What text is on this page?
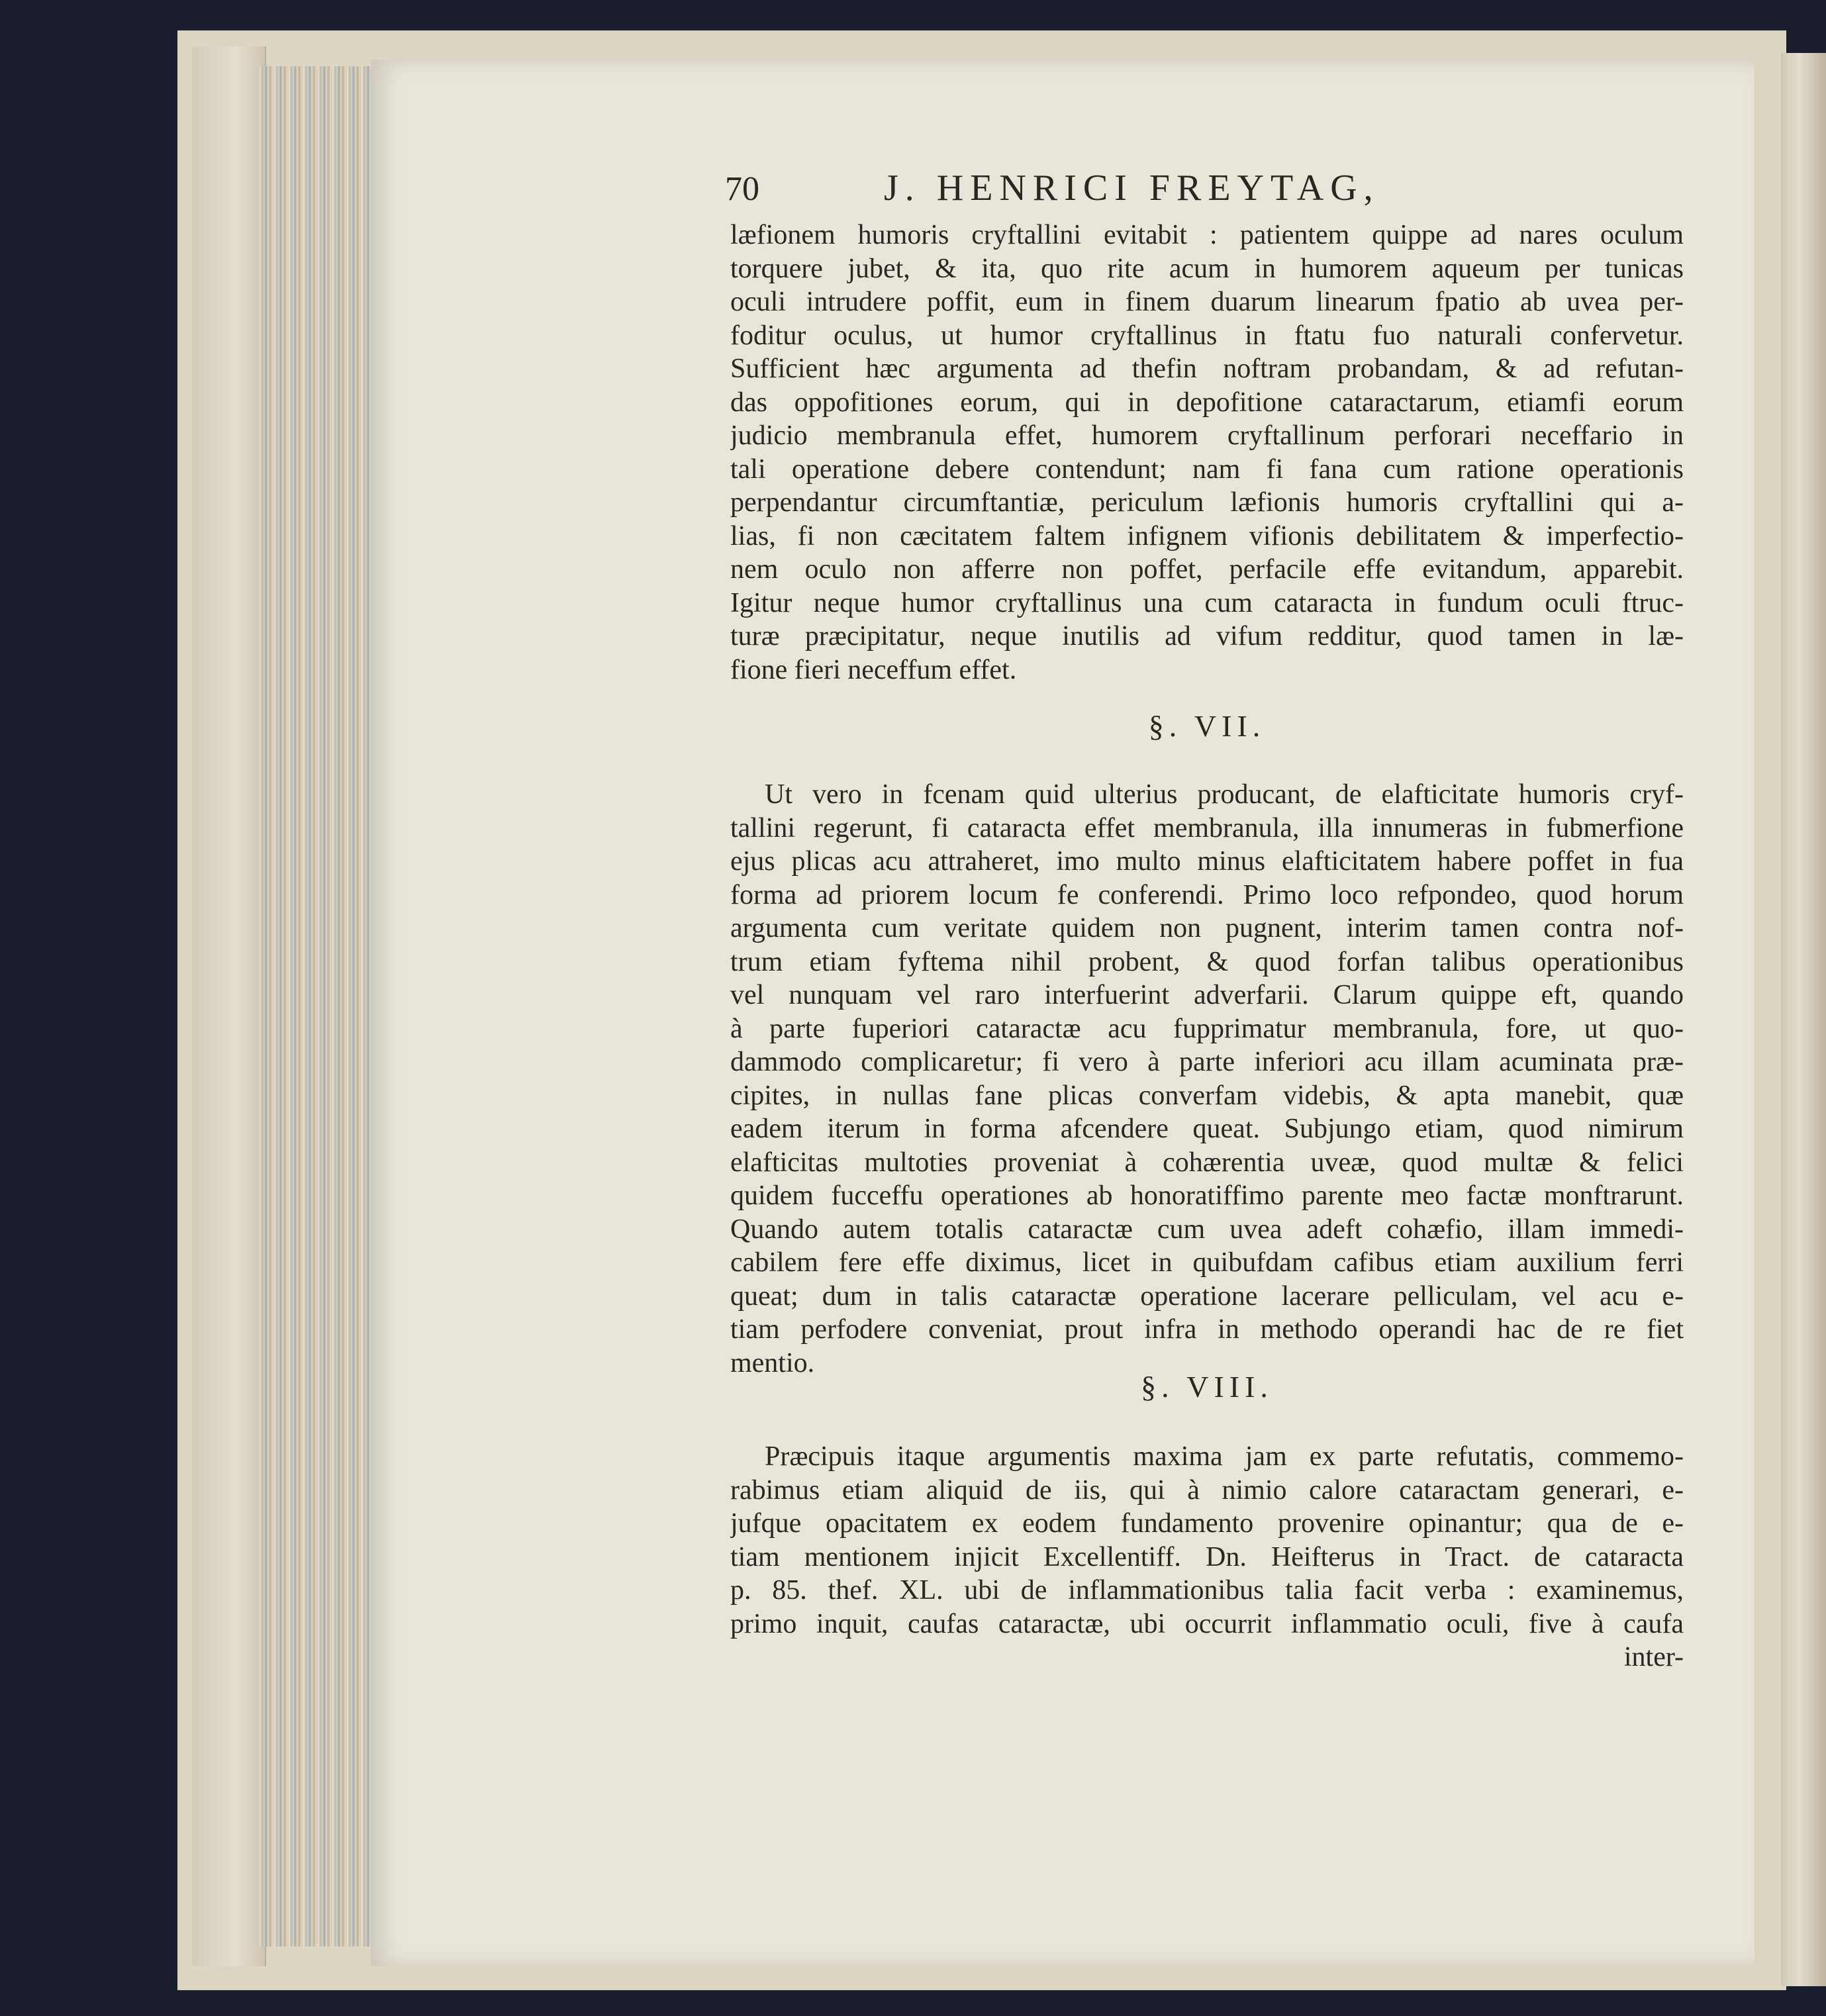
70	J. HENRICI FREYTAG,
læfionem humoris cryftallini evitabit : patientem quippe ad nares oculum
torquere jubet, & ita, quo rite acum in humorem aqueum per tunicas
oculi intrudere poffit, eum in finem duarum linearum fpatio ab uvea per-
foditur oculus, ut humor cryftallinus in ftatu fuo naturali confervetur.
Sufficient hæc argumenta ad thefin noftram probandam, & ad refutan-
das oppofitiones eorum, qui in depofitione cataractarum, etiamfi eorum
judicio membranula effet, humorem cryftallinum perforari neceffario in
tali operatione debere contendunt; nam fi fana cum ratione operationis
perpendantur circumftantiæ, periculum læfionis humoris cryftallini qui a-
lias, fi non cæcitatem faltem infignem vifionis debilitatem & imperfectio-
nem oculo non afferre non poffet, perfacile effe evitandum, apparebit.
Igitur neque humor cryftallinus una cum cataracta in fundum oculi ftruc-
turæ præcipitatur, neque inutilis ad vifum redditur, quod tamen in læ-
fione fieri neceffum effet.
§. VII.
Ut vero in fcenam quid ulterius producant, de elafticitate humoris cryf-
tallini regerunt, fi cataracta effet membranula, illa innumeras in fubmerfione
ejus plicas acu attraheret, imo multo minus elafticitatem habere poffet in fua
forma ad priorem locum fe conferendi. Primo loco refpondeo, quod horum
argumenta cum veritate quidem non pugnent, interim tamen contra nof-
trum etiam fyftema nihil probent, & quod forfan talibus operationibus
vel nunquam vel raro interfuerint adverfarii. Clarum quippe eft, quando
à parte fuperiori cataractæ acu fupprimatur membranula, fore, ut quo-
dammodo complicaretur; fi vero à parte inferiori acu illam acuminata præ-
cipites, in nullas fane plicas converfam videbis, & apta manebit, quæ
eadem iterum in forma afcendere queat. Subjungo etiam, quod nimirum
elafticitas multoties proveniat à cohærentia uveæ, quod multæ & felici
quidem fucceffu operationes ab honoratiffimo parente meo factæ monftrarunt.
Quando autem totalis cataractæ cum uvea adeft cohæfio, illam immedi-
cabilem fere effe diximus, licet in quibufdam cafibus etiam auxilium ferri
queat; dum in talis cataractæ operatione lacerare pelliculam, vel acu e-
tiam perfodere conveniat, prout infra in methodo operandi hac de re fiet
mentio.
§. VIII.
Præcipuis itaque argumentis maxima jam ex parte refutatis, commemo-
rabimus etiam aliquid de iis, qui à nimio calore cataractam generari, e-
jufque opacitatem ex eodem fundamento provenire opinantur; qua de e-
tiam mentionem injicit Excellentiff. Dn. Heifterus in Tract. de cataracta
p. 85. thef. XL. ubi de inflammationibus talia facit verba : examinemus,
primo inquit, caufas cataractæ, ubi occurrit inflammatio oculi, five à caufa
inter-
